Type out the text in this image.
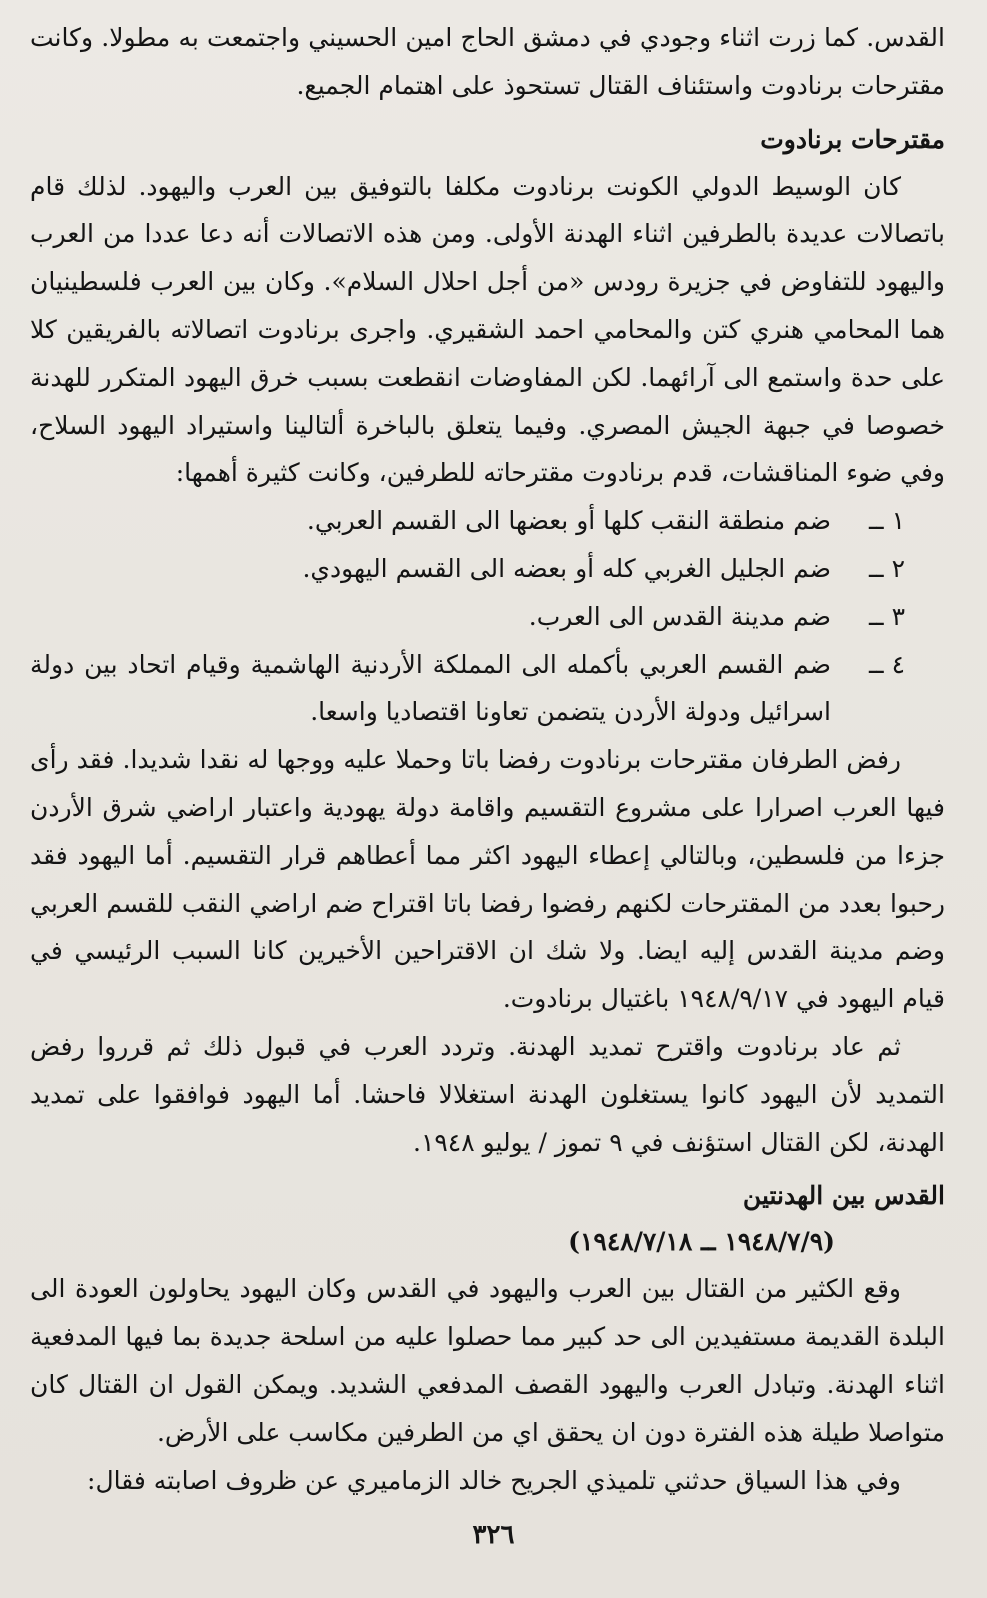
القدس. كما زرت اثناء وجودي في دمشق الحاج امين الحسيني واجتمعت به مطولا. وكانت مقترحات برنادوت واستئناف القتال تستحوذ على اهتمام الجميع.

مقترحات برنادوت

كان الوسيط الدولي الكونت برنادوت مكلفا بالتوفيق بين العرب واليهود. لذلك قام باتصالات عديدة بالطرفين اثناء الهدنة الأولى. ومن هذه الاتصالات أنه دعا عددا من العرب واليهود للتفاوض في جزيرة رودس «من أجل احلال السلام». وكان بين العرب فلسطينيان هما المحامي هنري كتن والمحامي احمد الشقيري. واجرى برنادوت اتصالاته بالفريقين كلا على حدة واستمع الى آرائهما. لكن المفاوضات انقطعت بسبب خرق اليهود المتكرر للهدنة خصوصا في جبهة الجيش المصري. وفيما يتعلق بالباخرة ألتالينا واستيراد اليهود السلاح، وفي ضوء المناقشات، قدم برنادوت مقترحاته للطرفين، وكانت كثيرة أهمها:

١ ــ
ضم منطقة النقب كلها أو بعضها الى القسم العربي.
٢ ــ
ضم الجليل الغربي كله أو بعضه الى القسم اليهودي.
٣ ــ
ضم مدينة القدس الى العرب.
٤ ــ
ضم القسم العربي بأكمله الى المملكة الأردنية الهاشمية وقيام اتحاد بين دولة اسرائيل ودولة الأردن يتضمن تعاونا اقتصاديا واسعا.

رفض الطرفان مقترحات برنادوت رفضا باتا وحملا عليه ووجها له نقدا شديدا. فقد رأى فيها العرب اصرارا على مشروع التقسيم واقامة دولة يهودية واعتبار اراضي شرق الأردن جزءا من فلسطين، وبالتالي إعطاء اليهود اكثر مما أعطاهم قرار التقسيم. أما اليهود فقد رحبوا بعدد من المقترحات لكنهم رفضوا رفضا باتا اقتراح ضم اراضي النقب للقسم العربي وضم مدينة القدس إليه ايضا. ولا شك ان الاقتراحين الأخيرين كانا السبب الرئيسي في قيام اليهود في ١٩٤٨/٩/١٧ باغتيال برنادوت.

ثم عاد برنادوت واقترح تمديد الهدنة. وتردد العرب في قبول ذلك ثم قرروا رفض التمديد لأن اليهود كانوا يستغلون الهدنة استغلالا فاحشا. أما اليهود فوافقوا على تمديد الهدنة، لكن القتال استؤنف في ٩ تموز / يوليو ١٩٤٨.

القدس بين الهدنتين

(١٩٤٨/٧/٩ ــ ١٩٤٨/٧/١٨)

وقع الكثير من القتال بين العرب واليهود في القدس وكان اليهود يحاولون العودة الى البلدة القديمة مستفيدين الى حد كبير مما حصلوا عليه من اسلحة جديدة بما فيها المدفعية اثناء الهدنة. وتبادل العرب واليهود القصف المدفعي الشديد. ويمكن القول ان القتال كان متواصلا طيلة هذه الفترة دون ان يحقق اي من الطرفين مكاسب على الأرض.

وفي هذا السياق حدثني تلميذي الجريح خالد الزماميري عن ظروف اصابته فقال:

٣٢٦
